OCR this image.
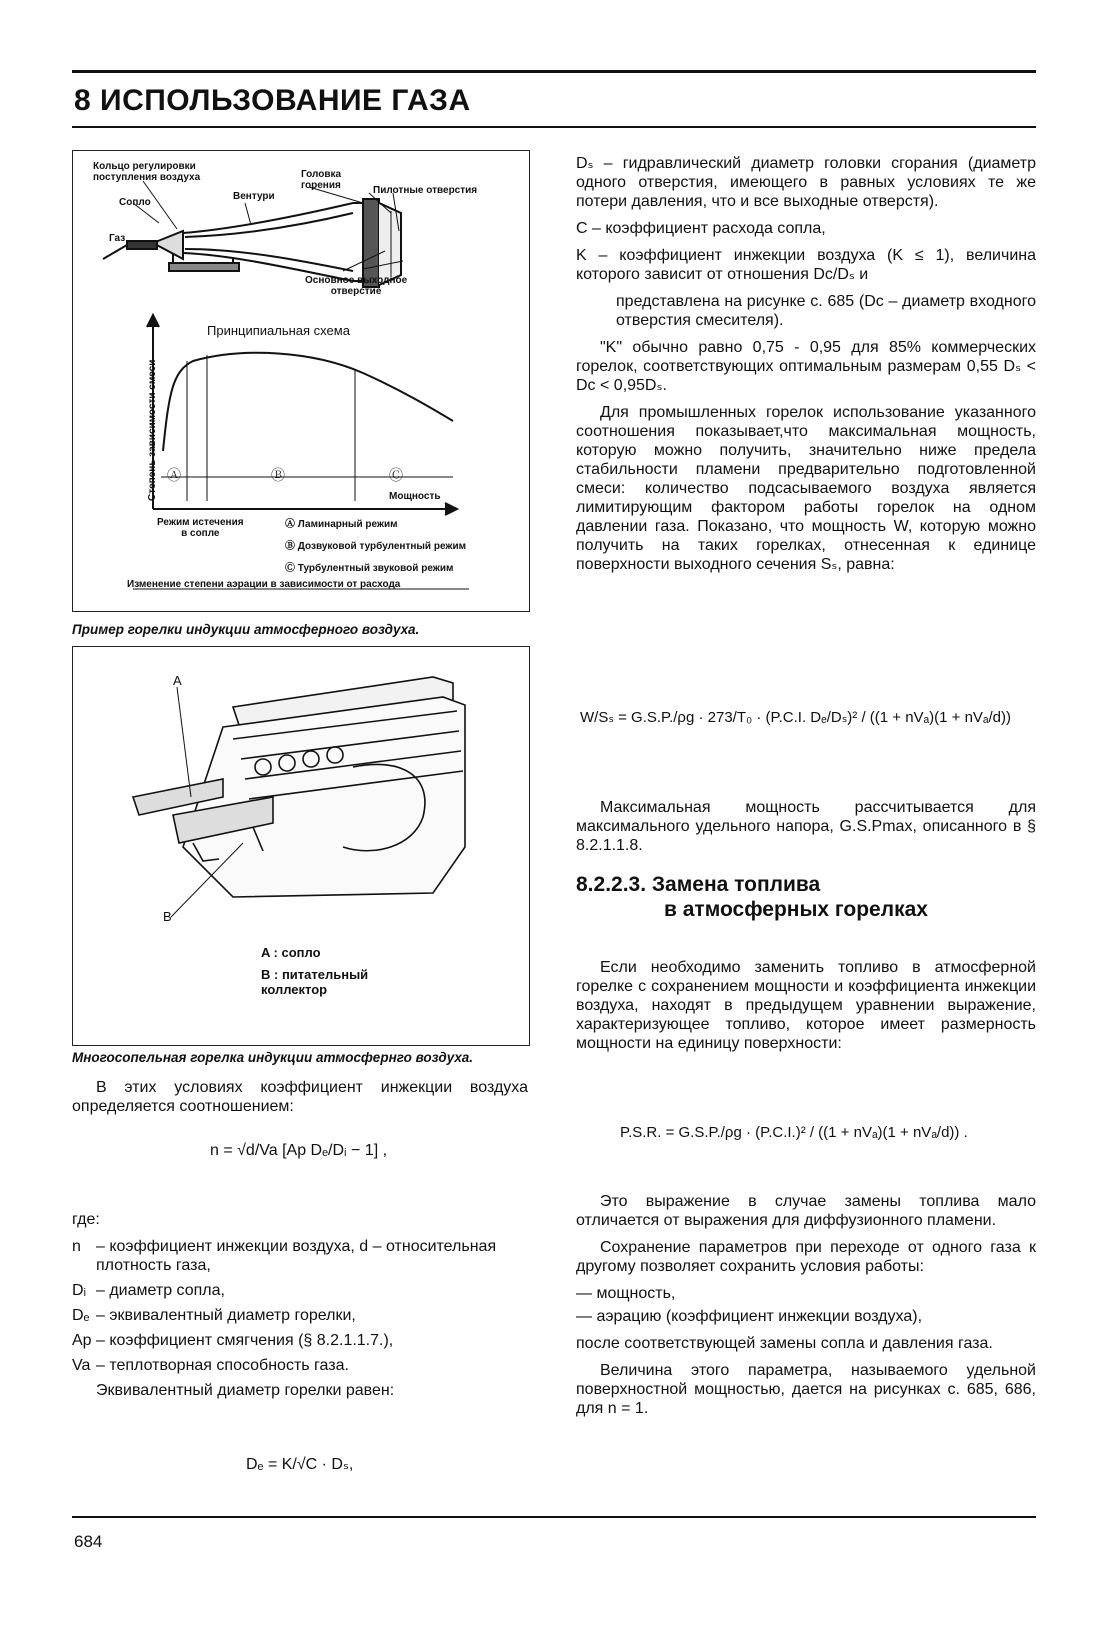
8 ИСПОЛЬЗОВАНИЕ ГАЗА
Кольцо регулировки
поступления воздуха
Сопло
Газ
Вентури
Головка
горения	Пилотные отверстия
Основное выходное
отверстие
Принципиальная схема
Степень зависимости смеси Ⓐ	Ⓑ	Ⓒ
Мощность
Режим истечения
в сопле
Ⓐ Ламинарный режим
Ⓑ Дозвуковой турбулентный режим
Ⓒ Турбулентный звуковой режим
Изменение степени аэрации в зависимости от расхода
Пример горелки индукции атмосферного воздуха.
A
B
A : сопло
B : питательный
коллектор
Многосопельная горелка индукции атмосфернго воздуха.

В этих условиях коэффициент инжекции воздуха определяется соотношением:

n = √d/Va [Ap Dₑ/Dᵢ − 1] ,

где:

n – коэффициент инжекции воздуха, d – относительная плотность газа,
Dᵢ – диаметр сопла,
Dₑ – эквивалентный диаметр горелки,
Ap – коэффициент смягчения (§ 8.2.1.1.7.),
Va – теплотворная способность газа.

Эквивалентный диаметр горелки равен:

Dₑ = K/√C · Dₛ,

Dₛ – гидравлический диаметр головки сгорания (диаметр одного отверстия, имеющего в равных условиях те же потери давления, что и все выходные отверстя).

C – коэффициент расхода сопла,

K – коэффициент инжекции воздуха (K ≤ 1), величина которого зависит от отношения Dc/Dₛ и

представлена на рисунке с. 685 (Dc – диаметр входного отверстия смесителя).

"K" обычно равно 0,75 - 0,95 для 85% коммерческих горелок, соответствующих оптимальным размерам 0,55 Dₛ < Dc < 0,95Dₛ.

Для промышленных горелок использование указанного соотношения показывает,что максимальная мощность, которую можно получить, значительно ниже предела стабильности пламени предварительно подготовленной смеси: количество подсасываемого воздуха является лимитирующим фактором работы горелок на одном давлении газа. Показано, что мощность W, которую можно получить на таких горелках, отнесенная к единице поверхности выходного сечения Sₛ, равна:

W/Sₛ = G.S.P./ρg · 273/T₀ · (P.C.I. Dₑ/Dₛ)² / ((1 + nVₐ)(1 + nVₐ/d))

Максимальная мощность рассчитывается для максимального удельного напора, G.S.Pmax, описанного в § 8.2.1.1.8.

8.2.2.3. Замена топлива
в атмосферных горелках

Если необходимо заменить топливо в атмосферной горелке с сохранением мощности и коэффициента инжекции воздуха, находят в предыдущем уравнении выражение, характеризующее топливо, которое имеет размерность мощности на единицу поверхности:

P.S.R. = G.S.P./ρg · (P.C.I.)² / ((1 + nVₐ)(1 + nVₐ/d)) .

Это выражение в случае замены топлива мало отличается от выражения для диффузионного пламени.

Сохранение параметров при переходе от одного газа к другому позволяет сохранить условия работы:

— мощность,

— аэрацию (коэффициент инжекции воздуха),

после соответствующей замены сопла и давления газа.

Величина этого параметра, называемого удельной поверхностной мощностью, дается на рисунках с. 685, 686, для n = 1.

684
